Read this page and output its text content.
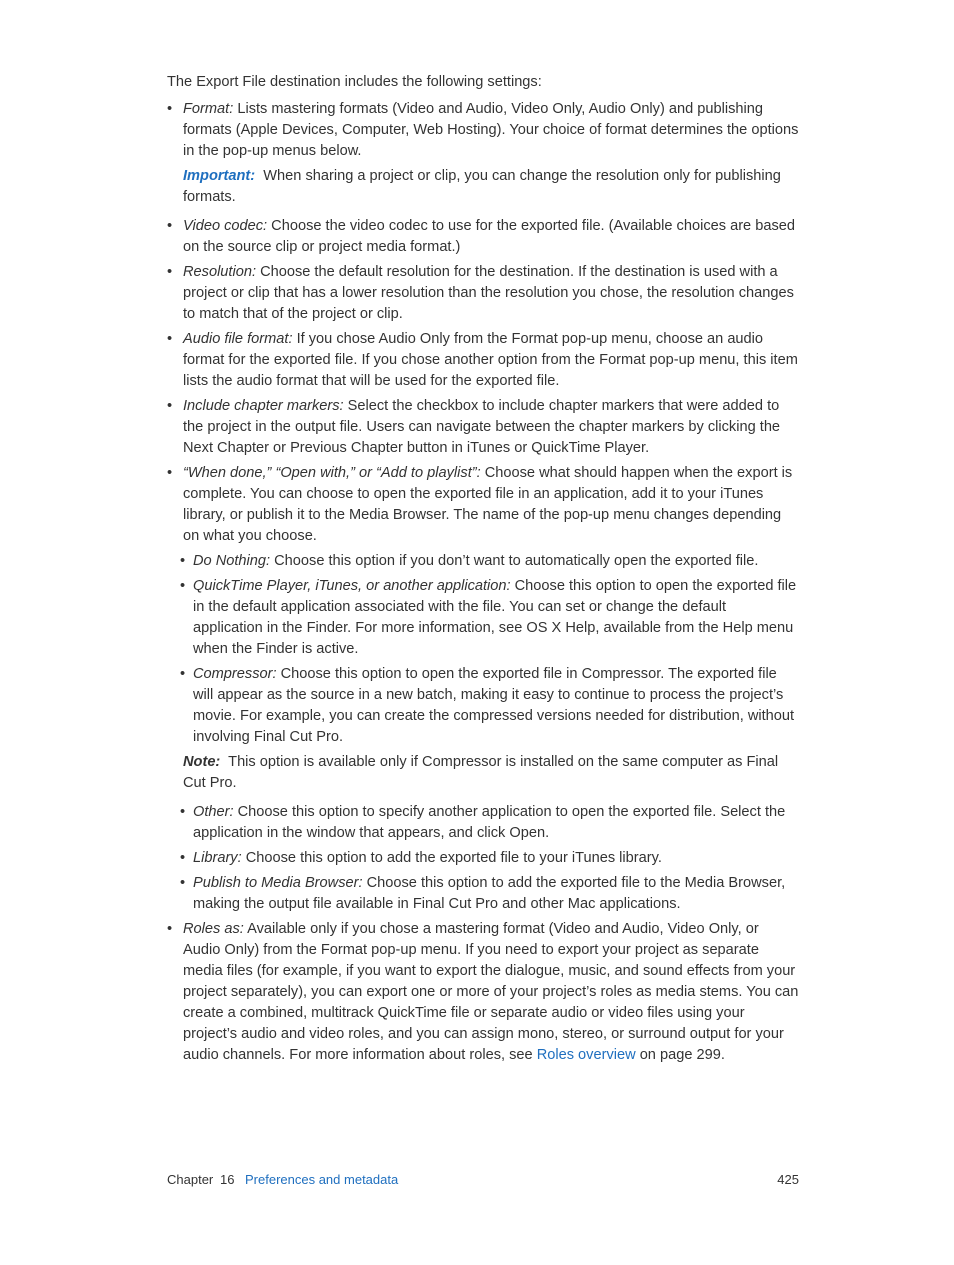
The Export File destination includes the following settings:

• Format: Lists mastering formats (Video and Audio, Video Only, Audio Only) and publishing formats (Apple Devices, Computer, Web Hosting). Your choice of format determines the options in the pop-up menus below.
Important: When sharing a project or clip, you can change the resolution only for publishing formats.
• Video codec: Choose the video codec to use for the exported file. (Available choices are based on the source clip or project media format.)
• Resolution: Choose the default resolution for the destination. If the destination is used with a project or clip that has a lower resolution than the resolution you chose, the resolution changes to match that of the project or clip.
• Audio file format: If you chose Audio Only from the Format pop-up menu, choose an audio format for the exported file. If you chose another option from the Format pop-up menu, this item lists the audio format that will be used for the exported file.
• Include chapter markers: Select the checkbox to include chapter markers that were added to the project in the output file. Users can navigate between the chapter markers by clicking the Next Chapter or Previous Chapter button in iTunes or QuickTime Player.
• “When done,” “Open with,” or “Add to playlist”: Choose what should happen when the export is complete. You can choose to open the exported file in an application, add it to your iTunes library, or publish it to the Media Browser. The name of the pop-up menu changes depending on what you choose.
• Do Nothing: Choose this option if you don’t want to automatically open the exported file.
• QuickTime Player, iTunes, or another application: Choose this option to open the exported file in the default application associated with the file. You can set or change the default application in the Finder. For more information, see OS X Help, available from the Help menu when the Finder is active.
• Compressor: Choose this option to open the exported file in Compressor. The exported file will appear as the source in a new batch, making it easy to continue to process the project’s movie. For example, you can create the compressed versions needed for distribution, without involving Final Cut Pro.
Note: This option is available only if Compressor is installed on the same computer as Final Cut Pro.
• Other: Choose this option to specify another application to open the exported file. Select the application in the window that appears, and click Open.
• Library: Choose this option to add the exported file to your iTunes library.
• Publish to Media Browser: Choose this option to add the exported file to the Media Browser, making the output file available in Final Cut Pro and other Mac applications.
• Roles as: Available only if you chose a mastering format (Video and Audio, Video Only, or Audio Only) from the Format pop-up menu. If you need to export your project as separate media files (for example, if you want to export the dialogue, music, and sound effects from your project separately), you can export one or more of your project’s roles as media stems. You can create a combined, multitrack QuickTime file or separate audio or video files using your project’s audio and video roles, and you can assign mono, stereo, or surround output for your audio channels. For more information about roles, see Roles overview on page 299.
Chapter 16 Preferences and metadata	425
